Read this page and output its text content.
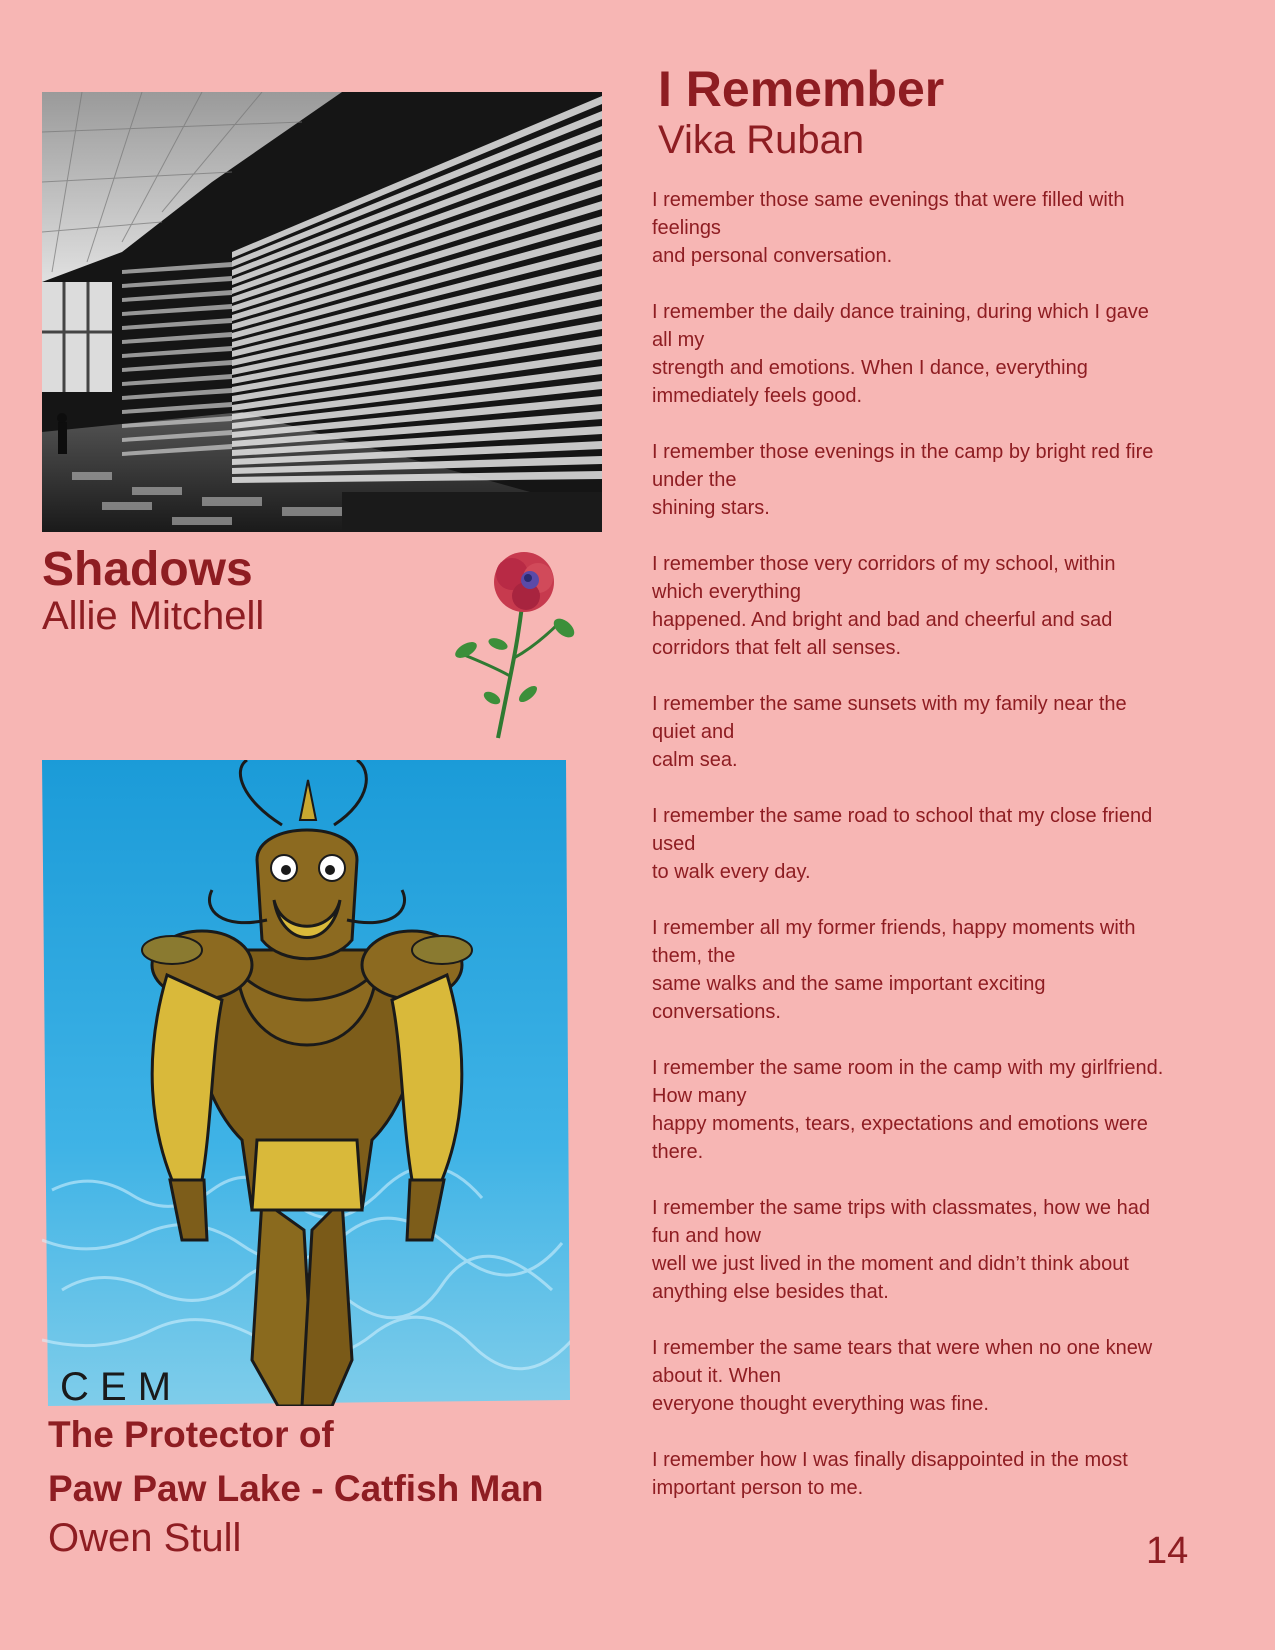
Shadows

Allie Mitchell

C E M
The Protector of
Paw Paw Lake - Catfish Man

Owen Stull

I Remember

Vika Ruban

I remember those same evenings that were filled with
feelings
and personal conversation.

I remember the daily dance training, during which I gave
all my
strength and emotions. When I dance, everything
immediately feels good.

I remember those evenings in the camp by bright red fire
under the
shining stars.

I remember those very corridors of my school, within
which everything
happened. And bright and bad and cheerful and sad
corridors that felt all senses.

I remember the same sunsets with my family near the
quiet and
calm sea.

I remember the same road to school that my close friend
used
to walk every day.

I remember all my former friends, happy moments with
them, the
same walks and the same important exciting
conversations.

I remember the same room in the camp with my girlfriend.
How many
happy moments, tears, expectations and emotions were
there.

I remember the same trips with classmates, how we had
fun and how
well we just lived in the moment and didn’t think about
anything else besides that.

I remember the same tears that were when no one knew
about it. When
everyone thought everything was fine.

I remember how I was finally disappointed in the most
important person to me.

14
